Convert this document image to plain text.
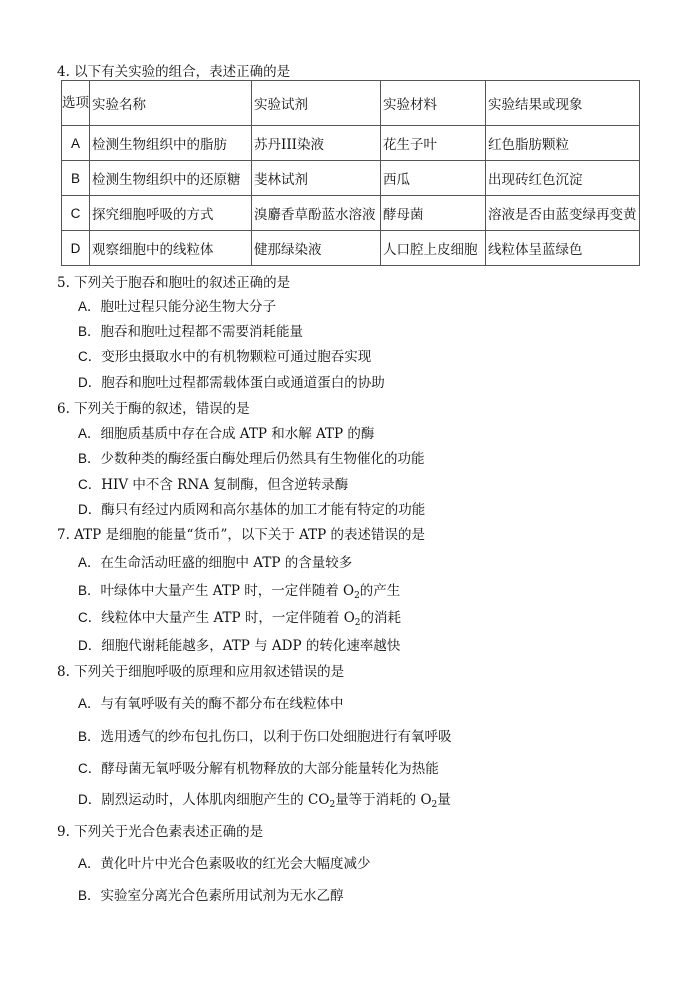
4. 以下有关实验的组合，表述正确的是
选项	实验名称	实验试剂	实验材料	实验结果或现象
A	检测生物组织中的脂肪	苏丹III染液	花生子叶	红色脂肪颗粒
B	检测生物组织中的还原糖	斐林试剂	西瓜	出现砖红色沉淀
C	探究细胞呼吸的方式	溴麝香草酚蓝水溶液	酵母菌	溶液是否由蓝变绿再变黄
D	观察细胞中的线粒体	健那绿染液	人口腔上皮细胞	线粒体呈蓝绿色
5. 下列关于胞吞和胞吐的叙述正确的是
A．胞吐过程只能分泌生物大分子
B．胞吞和胞吐过程都不需要消耗能量
C．变形虫摄取水中的有机物颗粒可通过胞吞实现
D．胞吞和胞吐过程都需载体蛋白或通道蛋白的协助
6. 下列关于酶的叙述，错误的是
A．细胞质基质中存在合成 ATP 和水解 ATP 的酶
B．少数种类的酶经蛋白酶处理后仍然具有生物催化的功能
C．HIV 中不含 RNA 复制酶，但含逆转录酶
D．酶只有经过内质网和高尔基体的加工才能有特定的功能
7. ATP 是细胞的能量“货币”，以下关于 ATP 的表述错误的是
A．在生命活动旺盛的细胞中 ATP 的含量较多
B．叶绿体中大量产生 ATP 时，一定伴随着 $O_2$的产生
C．线粒体中大量产生 ATP 时，一定伴随着 $O_2$的消耗
D．细胞代谢耗能越多，ATP 与 ADP 的转化速率越快
8. 下列关于细胞呼吸的原理和应用叙述错误的是
A．与有氧呼吸有关的酶不都分布在线粒体中
B．选用透气的纱布包扎伤口，以利于伤口处细胞进行有氧呼吸
C．酵母菌无氧呼吸分解有机物释放的大部分能量转化为热能
D．剧烈运动时，人体肌肉细胞产生的 $CO_2$量等于消耗的 $O_2$量
9. 下列关于光合色素表述正确的是
A．黄化叶片中光合色素吸收的红光会大幅度减少
B．实验室分离光合色素所用试剂为无水乙醇
